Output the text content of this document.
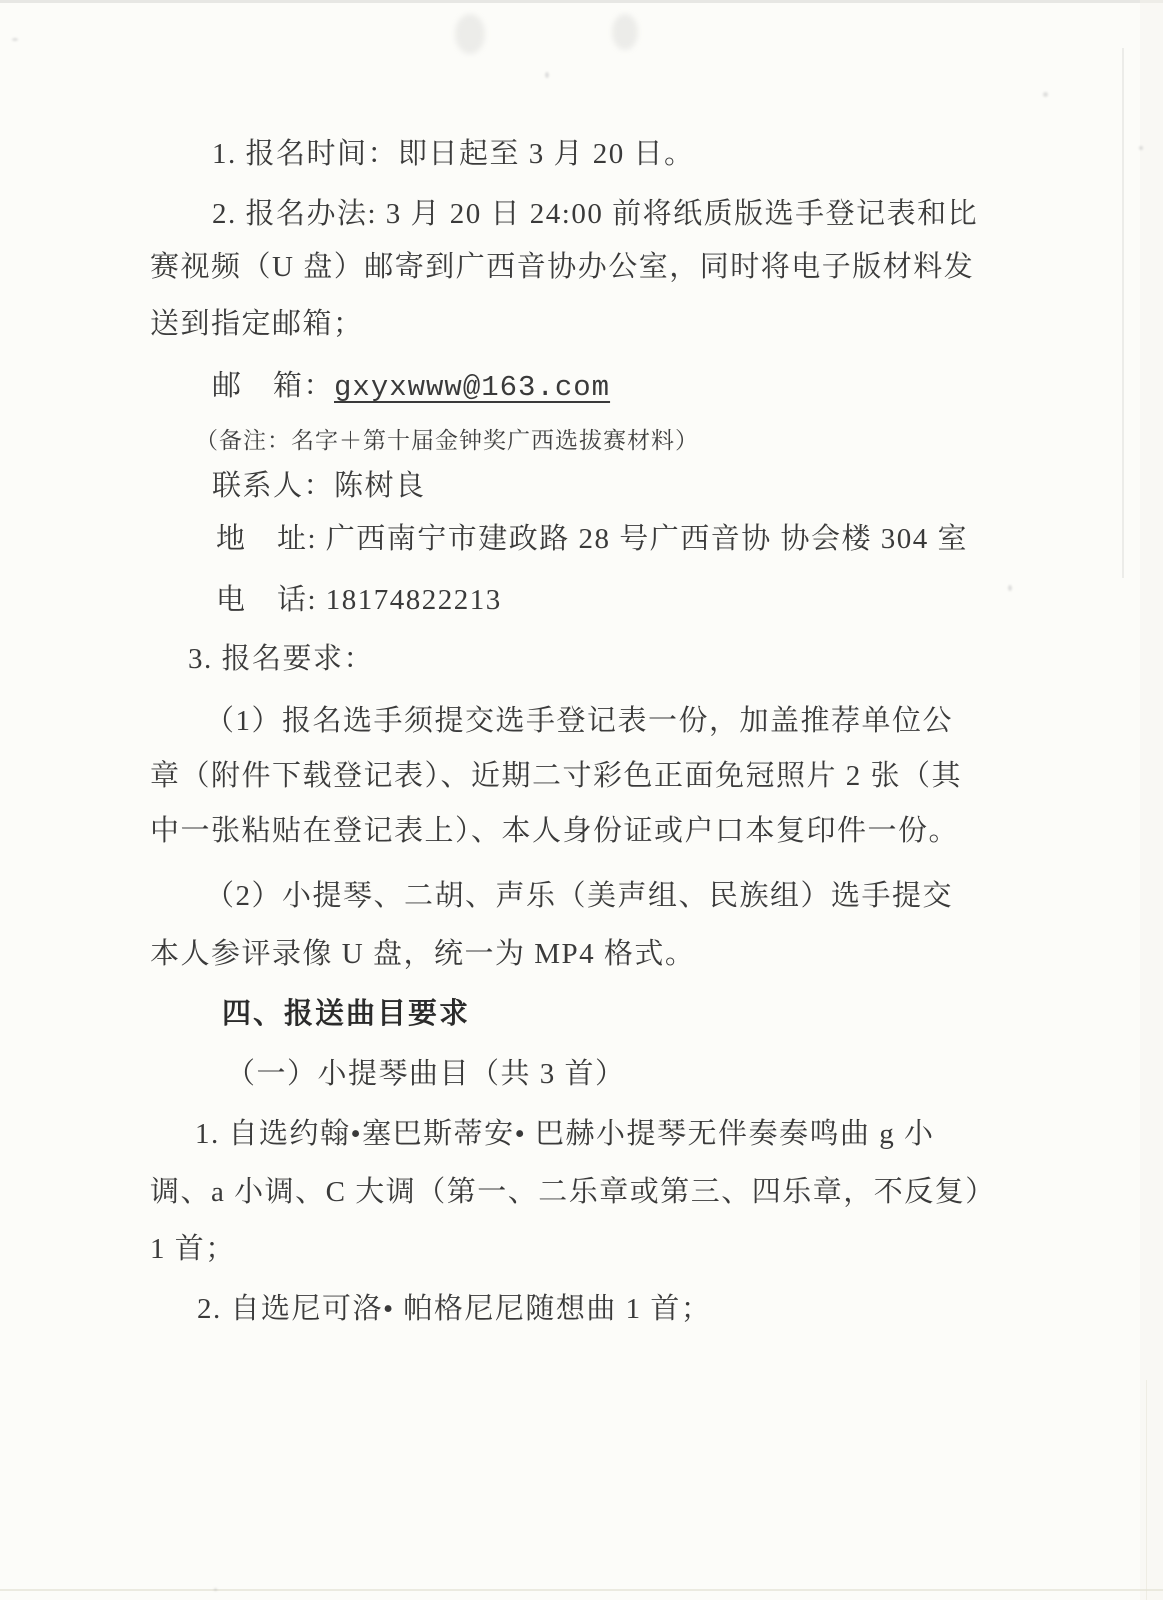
1. 报名时间：即日起至 3 月 20 日。

2. 报名办法: 3 月 20 日 24:00 前将纸质版选手登记表和比

赛视频（U 盘）邮寄到广西音协办公室，同时将电子版材料发

送到指定邮箱；

邮　箱：gxyxwww@163.com

（备注：名字＋第十届金钟奖广西选拔赛材料）

联系人：陈树良

地　址: 广西南宁市建政路 28 号广西音协 协会楼 304 室

电　话: 18174822213

3. 报名要求：

（1）报名选手须提交选手登记表一份，加盖推荐单位公

章（附件下载登记表）、近期二寸彩色正面免冠照片 2 张（其

中一张粘贴在登记表上）、本人身份证或户口本复印件一份。

（2）小提琴、二胡、声乐（美声组、民族组）选手提交

本人参评录像 U 盘，统一为 MP4 格式。

四、报送曲目要求

（一）小提琴曲目（共 3 首）

1. 自选约翰•塞巴斯蒂安• 巴赫小提琴无伴奏奏鸣曲 g 小

调、a 小调、C 大调（第一、二乐章或第三、四乐章，不反复）

1 首；

2. 自选尼可洛• 帕格尼尼随想曲 1 首；
